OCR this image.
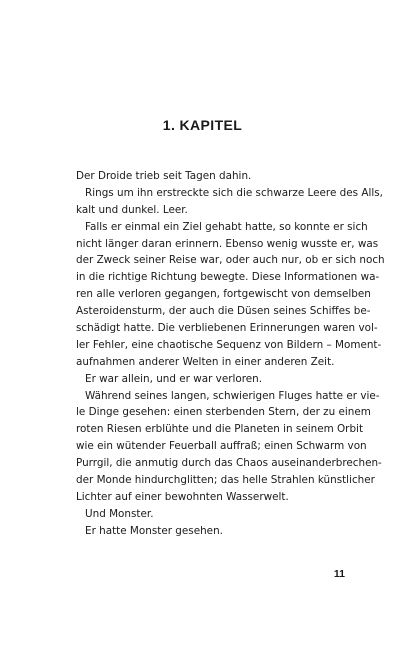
1. KAPITEL
Der Droide trieb seit Tagen dahin.
Rings um ihn erstreckte sich die schwarze Leere des Alls,
kalt und dunkel. Leer.
Falls er einmal ein Ziel gehabt hatte, so konnte er sich
nicht länger daran erinnern. Ebenso wenig wusste er, was
der Zweck seiner Reise war, oder auch nur, ob er sich noch
in die richtige Richtung bewegte. Diese Informationen wa-
ren alle verloren gegangen, fortgewischt von demselben
Asteroidensturm, der auch die Düsen seines Schiffes be-
schädigt hatte. Die verbliebenen Erinnerungen waren vol-
ler Fehler, eine chaotische Sequenz von Bildern – Moment-
aufnahmen anderer Welten in einer anderen Zeit.
Er war allein, und er war verloren.
Während seines langen, schwierigen Fluges hatte er vie-
le Dinge gesehen: einen sterbenden Stern, der zu einem
roten Riesen erblühte und die Planeten in seinem Orbit
wie ein wütender Feuerball auffraß; einen Schwarm von
Purrgil, die anmutig durch das Chaos auseinanderbrechen-
der Monde hindurchglitten; das helle Strahlen künstlicher
Lichter auf einer bewohnten Wasserwelt.
Und Monster.
Er hatte Monster gesehen.
11
